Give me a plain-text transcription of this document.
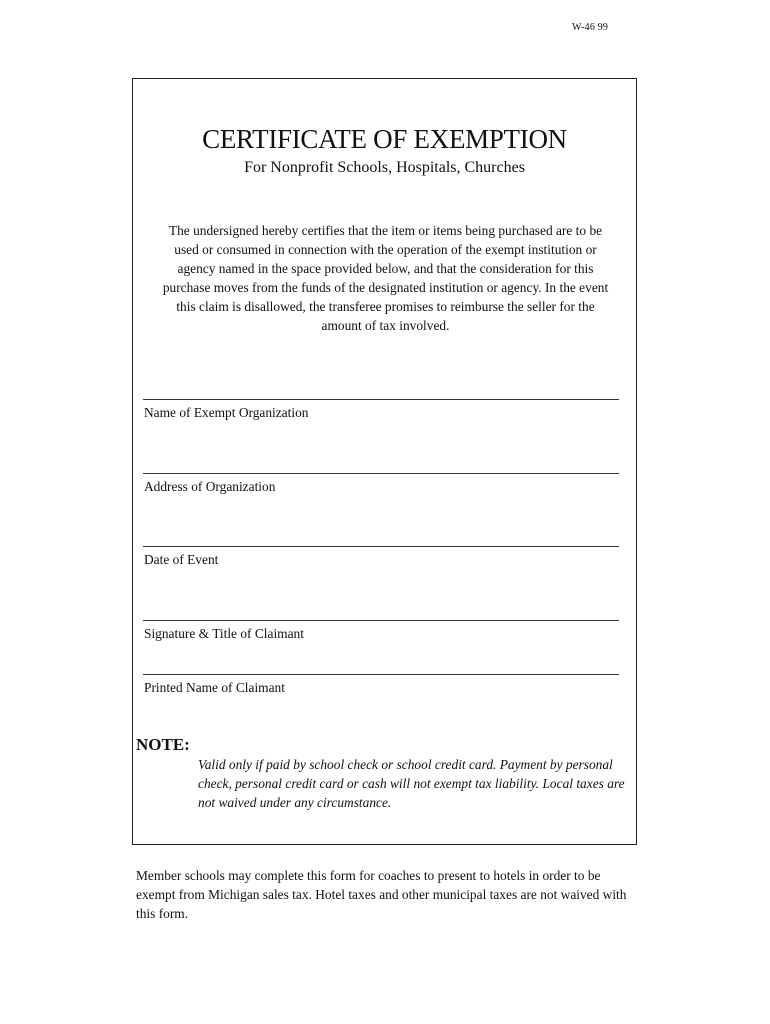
W-46 99
CERTIFICATE OF EXEMPTION
For Nonprofit Schools, Hospitals, Churches
The undersigned hereby certifies that the item or items being purchased are to be used or consumed in connection with the operation of the exempt institution or agency named in the space provided below, and that the consideration for this purchase moves from the funds of the designated institution or agency. In the event this claim is disallowed, the transferee promises to reimburse the seller for the amount of tax involved.
Name of Exempt Organization
Address of Organization
Date of Event
Signature & Title of Claimant
Printed Name of Claimant
NOTE:
Valid only if paid by school check or school credit card. Payment by personal check, personal credit card or cash will not exempt tax liability. Local taxes are not waived under any circumstance.
Member schools may complete this form for coaches to present to hotels in order to be exempt from Michigan sales tax. Hotel taxes and other municipal taxes are not waived with this form.
